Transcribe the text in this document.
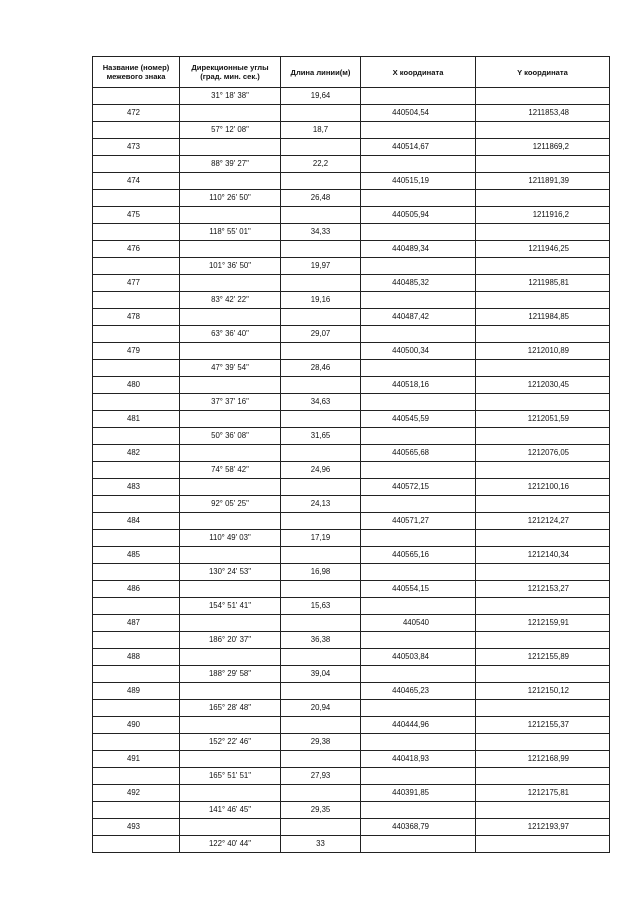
Название (номер) межевого знака	Дирекционные углы (град. мин. сек.)	Длина линии(м)	Х координата	Y координата
	31° 18' 38"	19,64		
472			440504,54	1211853,48
	57° 12' 08"	18,7		
473			440514,67	1211869,2
	88° 39' 27"	22,2		
474			440515,19	1211891,39
	110° 26' 50"	26,48		
475			440505,94	1211916,2
	118° 55' 01"	34,33		
476			440489,34	1211946,25
	101° 36' 50"	19,97		
477			440485,32	1211985,81
	83° 42' 22"	19,16		
478			440487,42	1211984,85
	63° 36' 40"	29,07		
479			440500,34	1212010,89
	47° 39' 54"	28,46		
480			440518,16	1212030,45
	37° 37' 16"	34,63		
481			440545,59	1212051,59
	50° 36' 08"	31,65		
482			440565,68	1212076,05
	74° 58' 42"	24,96		
483			440572,15	1212100,16
	92° 05' 25"	24,13		
484			440571,27	1212124,27
	110° 49' 03"	17,19		
485			440565,16	1212140,34
	130° 24' 53"	16,98		
486			440554,15	1212153,27
	154° 51' 41"	15,63		
487			440540	1212159,91
	186° 20' 37"	36,38		
488			440503,84	1212155,89
	188° 29' 58"	39,04		
489			440465,23	1212150,12
	165° 28' 48"	20,94		
490			440444,96	1212155,37
	152° 22' 46"	29,38		
491			440418,93	1212168,99
	165° 51' 51"	27,93		
492			440391,85	1212175,81
	141° 46' 45"	29,35		
493			440368,79	1212193,97
	122° 40' 44"	33		
